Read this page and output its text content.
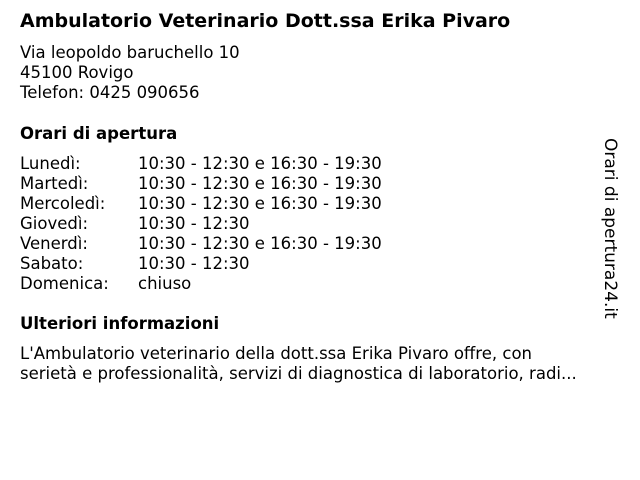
Ambulatorio Veterinario Dott.ssa Erika Pivaro
Via leopoldo baruchello 10
45100 Rovigo
Telefon: 0425 090656
Orari di apertura
Lunedì:	10:30 - 12:30 e 16:30 - 19:30
Martedì:	10:30 - 12:30 e 16:30 - 19:30
Mercoledì: 10:30 - 12:30 e 16:30 - 19:30
Giovedì:	10:30 - 12:30
Venerdì:	10:30 - 12:30 e 16:30 - 19:30
Sabato:	10:30 - 12:30
Domenica: chiuso
Ulteriori informazioni
L'Ambulatorio veterinario della dott.ssa Erika Pivaro offre, con
serietà e professionalità, servizi di diagnostica di laboratorio, radi...
Orari di apertura24.it
